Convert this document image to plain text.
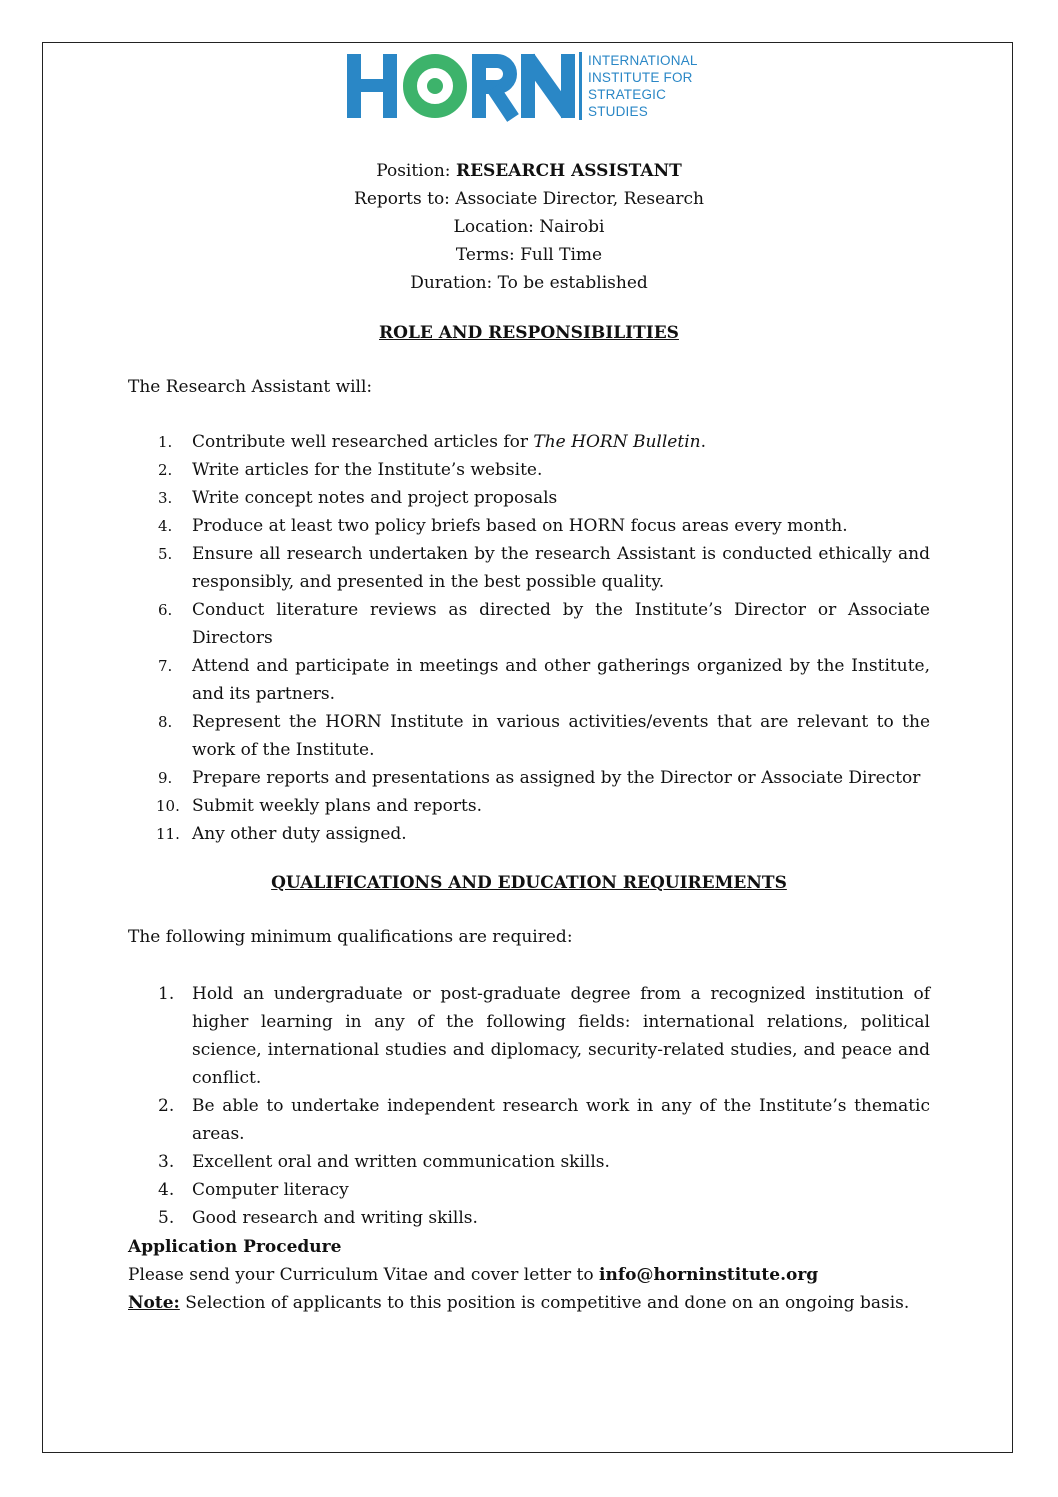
INTERNATIONAL
INSTITUTE FOR
STRATEGIC
STUDIES
Position: RESEARCH ASSISTANT
Reports to: Associate Director, Research
Location: Nairobi
Terms: Full Time
Duration: To be established
ROLE AND RESPONSIBILITIES
The Research Assistant will:
1. Contribute well researched articles for The HORN Bulletin.
2. Write articles for the Institute’s website.
3. Write concept notes and project proposals
4. Produce at least two policy briefs based on HORN focus areas every month.
5. Ensure all research undertaken by the research Assistant is conducted ethically and responsibly, and presented in the best possible quality.
6. Conduct literature reviews as directed by the Institute’s Director or Associate Directors
7. Attend and participate in meetings and other gatherings organized by the Institute, and its partners.
8. Represent the HORN Institute in various activities/events that are relevant to the work of the Institute.
9. Prepare reports and presentations as assigned by the Director or Associate Director
10. Submit weekly plans and reports.
11. Any other duty assigned.
QUALIFICATIONS AND EDUCATION REQUIREMENTS
The following minimum qualifications are required:
1. Hold an undergraduate or post-graduate degree from a recognized institution of higher learning in any of the following fields: international relations, political science, international studies and diplomacy, security-related studies, and peace and conflict.
2. Be able to undertake independent research work in any of the Institute’s thematic areas.
3. Excellent oral and written communication skills.
4. Computer literacy
5. Good research and writing skills.
Application Procedure
Please send your Curriculum Vitae and cover letter to info@horninstitute.org
Note: Selection of applicants to this position is competitive and done on an ongoing basis.
